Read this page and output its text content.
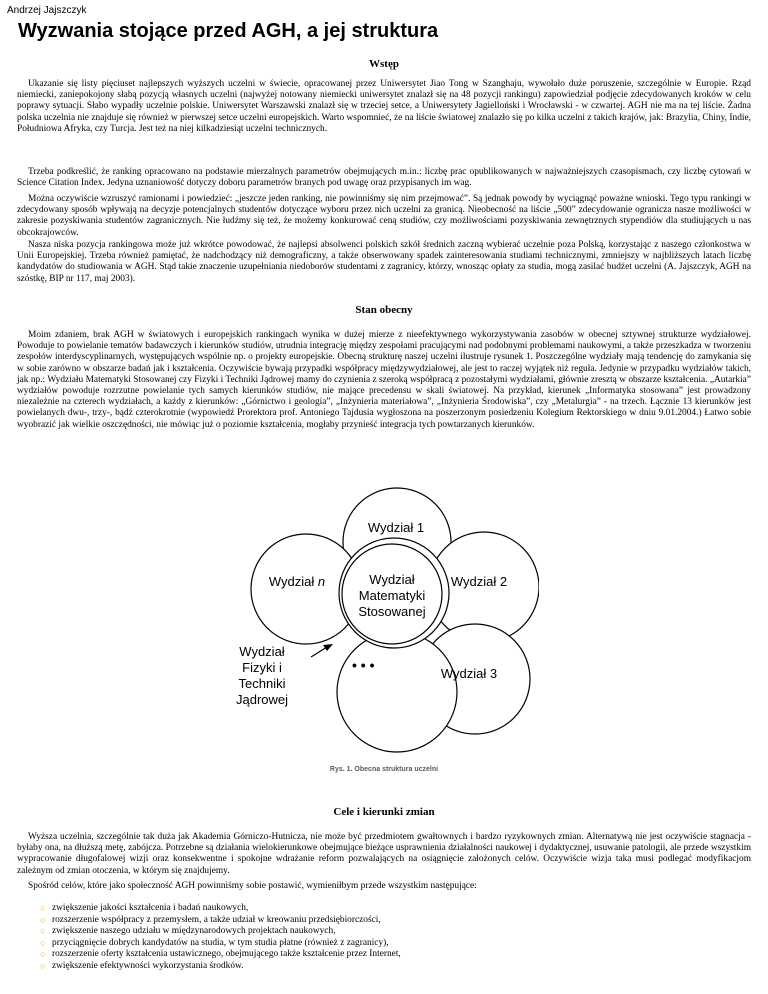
Andrzej Jajszczyk
Wyzwania stojące przed AGH, a jej struktura
Wstęp

Ukazanie się listy pięciuset najlepszych wyższych uczelni w świecie, opracowanej przez Uniwersytet Jiao Tong w Szanghaju, wywołało duże poruszenie, szczególnie w Europie. Rząd niemiecki, zaniepokojony słabą pozycją własnych uczelni (najwyżej notowany niemiecki uniwersytet znalazł się na 48 pozycji rankingu) zapowiedział podjęcie zdecydowanych kroków w celu poprawy sytuacji. Słabo wypadły uczelnie polskie. Uniwersytet Warszawski znalazł się w trzeciej setce, a Uniwersytety Jagielloński i Wrocławski - w czwartej. AGH nie ma na tej liście. Żadna polska uczelnia nie znajduje się również w pierwszej setce uczelni europejskich. Warto wspomnieć, że na liście światowej znalazło się po kilka uczelni z takich krajów, jak: Brazylia, Chiny, Indie, Południowa Afryka, czy Turcja. Jest też na niej kilkadziesiąt uczelni technicznych.

Trzeba podkreślić, że ranking opracowano na podstawie mierzalnych parametrów obejmujących m.in.: liczbę prac opublikowanych w najważniejszych czasopismach, czy liczbę cytowań w Science Citation Index. Jedyna uznaniowość dotyczy doboru parametrów branych pod uwagę oraz przypisanych im wag.

Można oczywiście wzruszyć ramionami i powiedzieć: „jeszcze jeden ranking, nie powinniśmy się nim przejmować”. Są jednak powody by wyciągnąć poważne wnioski. Tego typu rankingi w zdecydowany sposób wpływają na decyzje potencjalnych studentów dotyczące wyboru przez nich uczelni za granicą. Nieobecność na liście „500” zdecydowanie ogranicza nasze możliwości w zakresie pozyskiwania studentów zagranicznych. Nie łudźmy się też, że możemy konkurować ceną studiów, czy możliwościami pozyskiwania zewnętrznych stypendiów dla studiujących u nas obcokrajowców.

Nasza niska pozycja rankingowa może już wkrótce powodować, że najlepsi absolwenci polskich szkół średnich zaczną wybierać uczelnie poza Polską, korzystając z naszego członkostwa w Unii Europejskiej. Trzeba również pamiętać, że nadchodzący niż demograficzny, a także obserwowany spadek zainteresowania studiami technicznymi, zmniejszy w najbliższych latach liczbę kandydatów do studiowania w AGH. Stąd takie znaczenie uzupełniania niedoborów studentami z zagranicy, którzy, wnosząc opłaty za studia, mogą zasilać budżet uczelni (A. Jajszczyk, AGH na szóstkę, BIP nr 117, maj 2003).

Stan obecny

Moim zdaniem, brak AGH w światowych i europejskich rankingach wynika w dużej mierze z nieefektywnego wykorzystywania zasobów w obecnej sztywnej strukturze wydziałowej. Powoduje to powielanie tematów badawczych i kierunków studiów, utrudnia integrację między zespołami pracującymi nad podobnymi problemami naukowymi, a także przeszkadza w tworzeniu zespołów interdyscyplinarnych, występujących wspólnie np. o projekty europejskie. Obecną strukturę naszej uczelni ilustruje rysunek 1. Poszczególne wydziały mają tendencję do zamykania się w sobie zarówno w obszarze badań jak i kształcenia. Oczywiście bywają przypadki współpracy międzywydziałowej, ale jest to raczej wyjątek niż reguła. Jedynie w przypadku wydziałów takich, jak np.: Wydziału Matematyki Stosowanej czy Fizyki i Techniki Jądrowej mamy do czynienia z szeroką współpracą z pozostałymi wydziałami, głównie zresztą w obszarze kształcenia. „Autarkia” wydziałów powoduje rozrzutne powielanie tych samych kierunków studiów, nie mające precedensu w skali światowej. Na przykład, kierunek „Informatyka stosowana” jest prowadzony niezależnie na czterech wydziałach, a każdy z kierunków: „Górnictwo i geologia”, „Inżynieria materiałowa”, „Inżynieria Środowiska”, czy „Metalurgia” - na trzech. Łącznie 13 kierunków jest powielanych dwu-, trzy-, bądź czterokrotnie (wypowiedź Prorektora prof. Antoniego Tajdusia wygłoszona na poszerzonym posiedzeniu Kolegium Rektorskiego w dniu 9.01.2004.) Łatwo sobie wyobrazić jak wielkie oszczędności, nie mówiąc już o poziomie kształcenia, mogłaby przynieść integracja tych powtarzanych kierunków.

Wydział 1
Wydział 2
Wydział 3
Wydział n	Wydział
Matematyki
Stosowanej
Wydział
Fizyki i
Techniki
Jądrowej
• • •
Rys. 1. Obecna struktura uczelni
Cele i kierunki zmian

Wyższa uczelnia, szczególnie tak duża jak Akademia Górniczo-Hutnicza, nie może być przedmiotem gwałtownych i bardzo ryzykownych zmian. Alternatywą nie jest oczywiście stagnacja - byłaby ona, na dłuższą metę, zabójcza. Potrzebne są działania wielokierunkowe obejmujące bieżące usprawnienia działalności naukowej i dydaktycznej, usuwanie patologii, ale przede wszystkim wypracowanie długofalowej wizji oraz konsekwentne i spokojne wdrażanie reform pozwalających na osiągnięcie założonych celów. Oczywiście wizja taka musi podlegać modyfikacjom zależnym od zmian otoczenia, w którym się znajdujemy.

Spośród celów, które jako społeczność AGH powinniśmy sobie postawić, wymieniłbym przede wszystkim następujące:

○ zwiększenie jakości kształcenia i badań naukowych,
○ rozszerzenie współpracy z przemysłem, a także udział w kreowaniu przedsiębiorczości,
○ zwiększenie naszego udziału w międzynarodowych projektach naukowych,
○ przyciągnięcie dobrych kandydatów na studia, w tym studia płatne (również z zagranicy),
○ rozszerzenie oferty kształcenia ustawicznego, obejmującego także kształcenie przez Internet,
○ zwiększenie efektywności wykorzystania środków.
